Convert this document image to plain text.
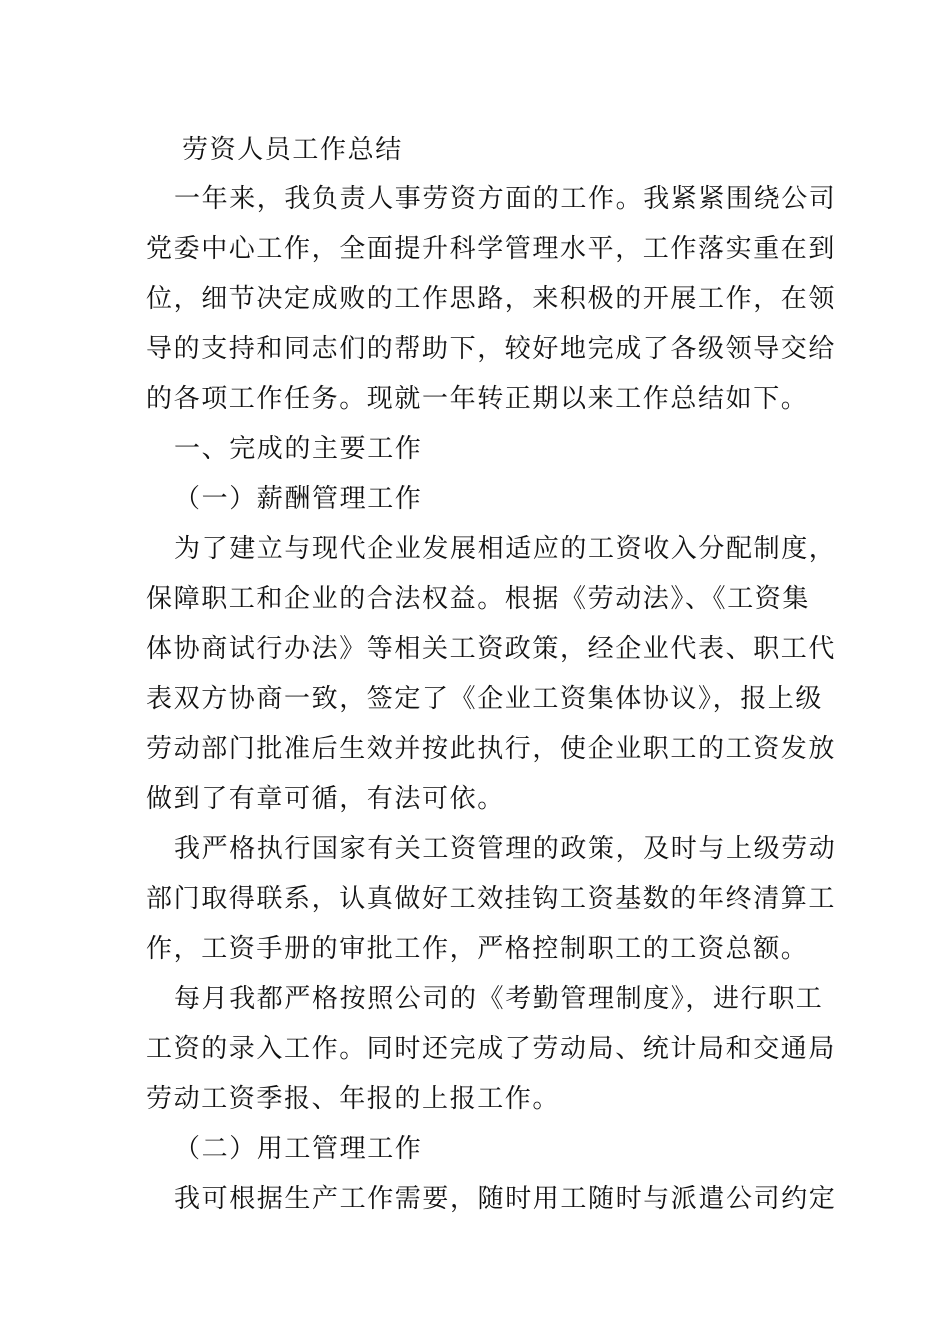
劳资人员工作总结
一年来，我负责人事劳资方面的工作。我紧紧围绕公司
党委中心工作，全面提升科学管理水平，工作落实重在到
位，细节决定成败的工作思路，来积极的开展工作，在领
导的支持和同志们的帮助下，较好地完成了各级领导交给
的各项工作任务。现就一年转正期以来工作总结如下。
一、完成的主要工作
（一）薪酬管理工作
为了建立与现代企业发展相适应的工资收入分配制度，
保障职工和企业的合法权益。根据《劳动法》、《工资集
体协商试行办法》等相关工资政策，经企业代表、职工代
表双方协商一致，签定了《企业工资集体协议》，报上级
劳动部门批准后生效并按此执行，使企业职工的工资发放
做到了有章可循，有法可依。
我严格执行国家有关工资管理的政策，及时与上级劳动
部门取得联系，认真做好工效挂钩工资基数的年终清算工
作，工资手册的审批工作，严格控制职工的工资总额。
每月我都严格按照公司的《考勤管理制度》，进行职工
工资的录入工作。同时还完成了劳动局、统计局和交通局
劳动工资季报、年报的上报工作。
（二）用工管理工作
我可根据生产工作需要，随时用工随时与派遣公司约定
